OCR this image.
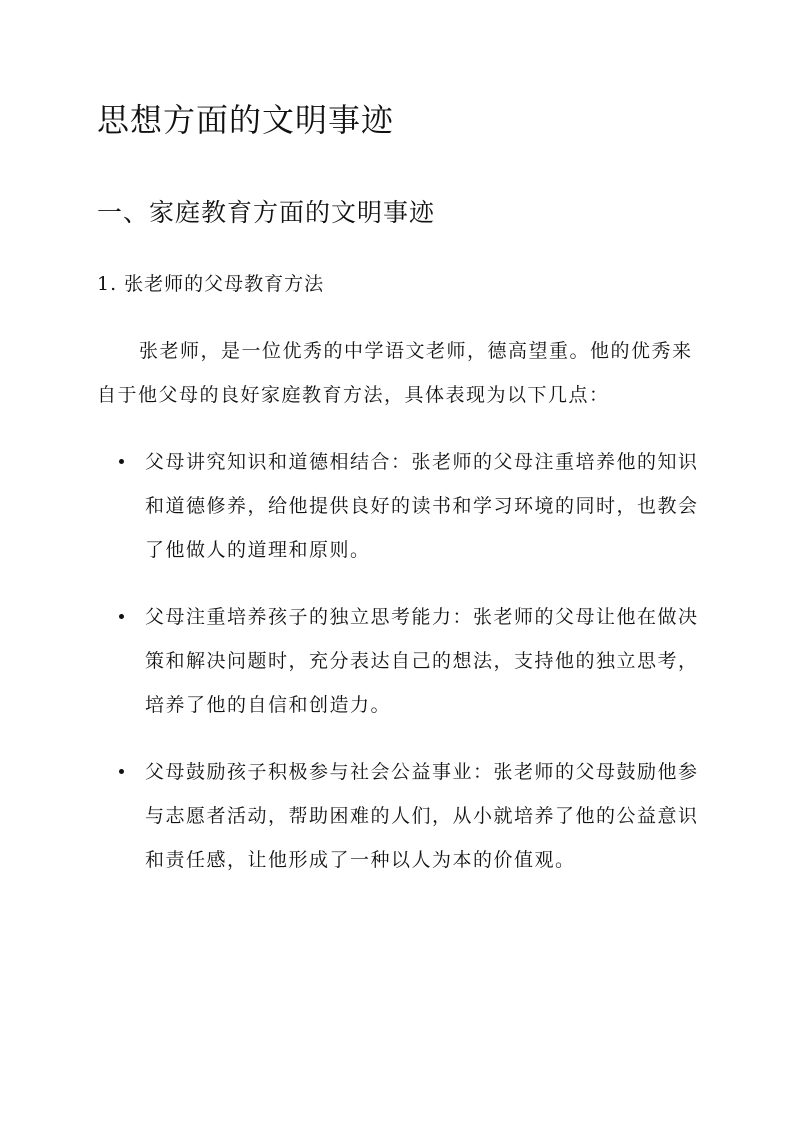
思想方面的文明事迹
一、家庭教育方面的文明事迹
1. 张老师的父母教育方法

张老师，是一位优秀的中学语文老师，德高望重。他的优秀来自于他父母的良好家庭教育方法，具体表现为以下几点：

父母讲究知识和道德相结合：张老师的父母注重培养他的知识和道德修养，给他提供良好的读书和学习环境的同时，也教会了他做人的道理和原则。
父母注重培养孩子的独立思考能力：张老师的父母让他在做决策和解决问题时，充分表达自己的想法，支持他的独立思考，培养了他的自信和创造力。
父母鼓励孩子积极参与社会公益事业：张老师的父母鼓励他参与志愿者活动，帮助困难的人们，从小就培养了他的公益意识和责任感，让他形成了一种以人为本的价值观。
